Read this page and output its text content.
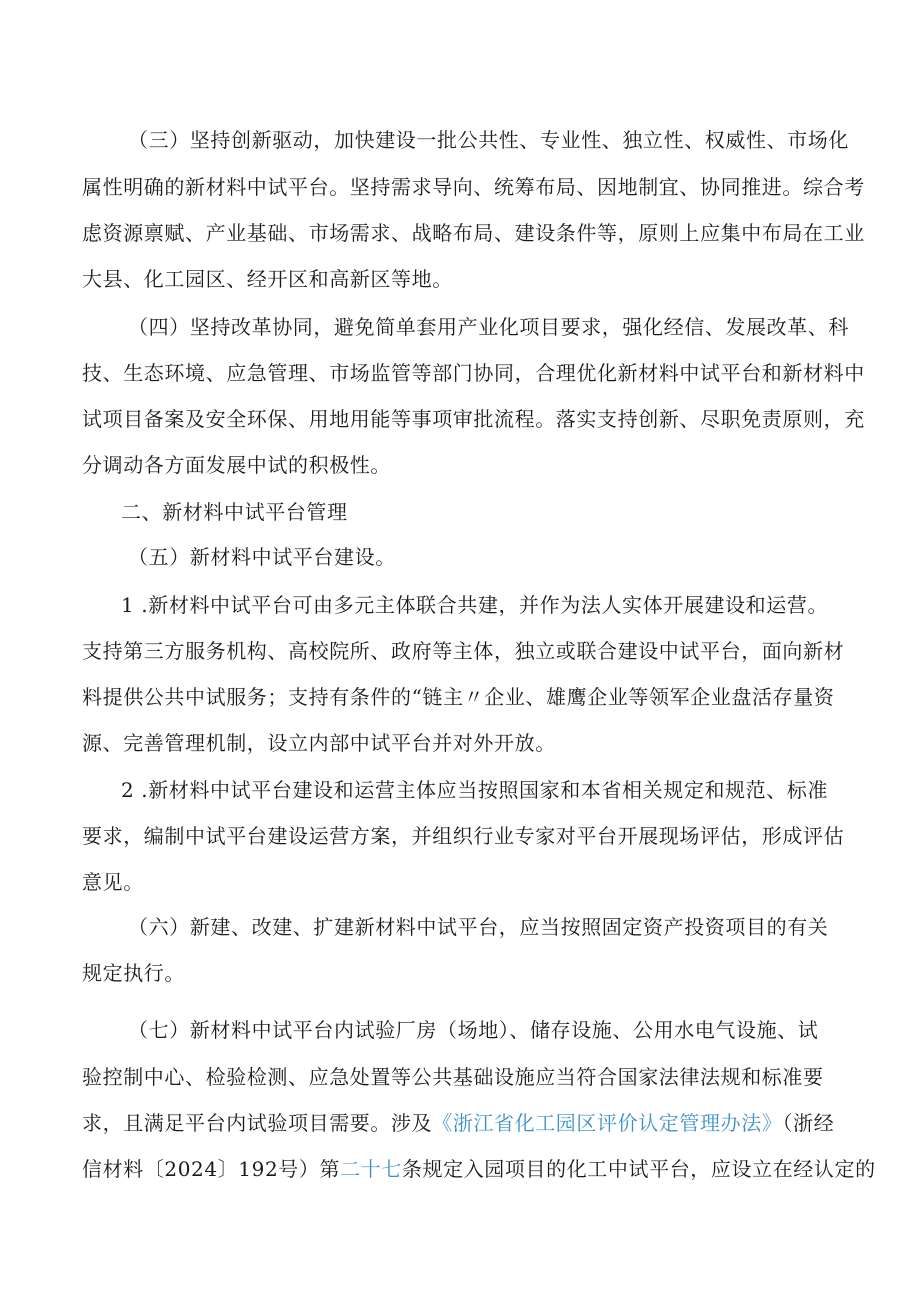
（三）坚持创新驱动，加快建设一批公共性、专业性、独立性、权威性、市场化
属性明确的新材料中试平台。坚持需求导向、统筹布局、因地制宜、协同推进。综合考
虑资源禀赋、产业基础、市场需求、战略布局、建设条件等，原则上应集中布局在工业
大县、化工园区、经开区和高新区等地。
（四）坚持改革协同，避免简单套用产业化项目要求，强化经信、发展改革、科
技、生态环境、应急管理、市场监管等部门协同，合理优化新材料中试平台和新材料中
试项目备案及安全环保、用地用能等事项审批流程。落实支持创新、尽职免责原则，充
分调动各方面发展中试的积极性。
二、新材料中试平台管理
（五）新材料中试平台建设。
1 .新材料中试平台可由多元主体联合共建，并作为法人实体开展建设和运营。
支持第三方服务机构、高校院所、政府等主体，独立或联合建设中试平台，面向新材
料提供公共中试服务；支持有条件的“链主〃企业、雄鹰企业等领军企业盘活存量资
源、完善管理机制，设立内部中试平台并对外开放。
2 .新材料中试平台建设和运营主体应当按照国家和本省相关规定和规范、标准
要求，编制中试平台建设运营方案，并组织行业专家对平台开展现场评估，形成评估
意见。
（六）新建、改建、扩建新材料中试平台，应当按照固定资产投资项目的有关
规定执行。
（七）新材料中试平台内试验厂房（场地）、储存设施、公用水电气设施、试
验控制中心、检验检测、应急处置等公共基础设施应当符合国家法律法规和标准要
求，且满足平台内试验项目需要。涉及《浙江省化工园区评价认定管理办法》（浙经
信材料〔2024〕192号）第二十七条规定入园项目的化工中试平台，应设立在经认定的
